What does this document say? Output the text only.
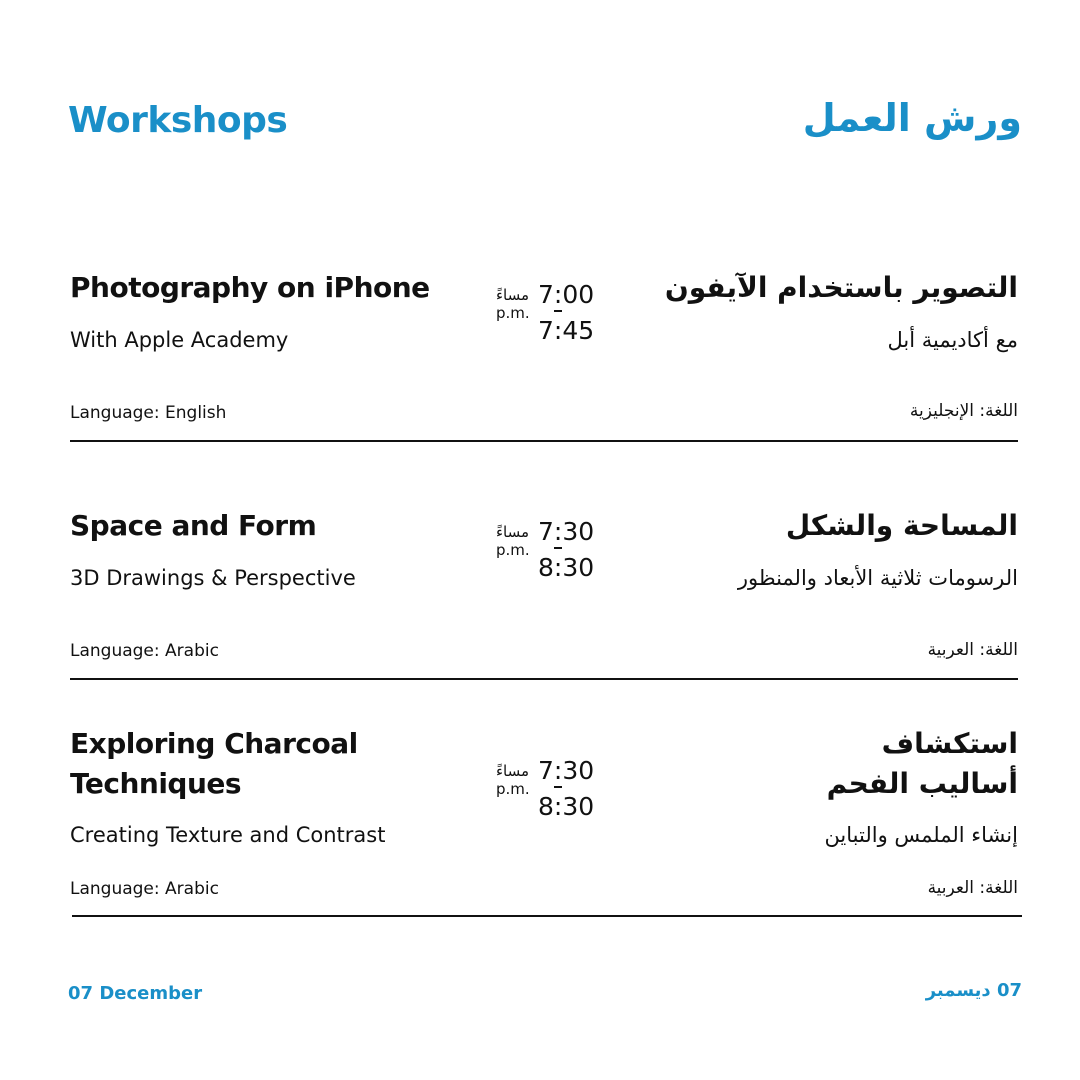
Workshops	ورش العمل
Photography on iPhone
With Apple Academy
Language: English
مساءً
p.m.
7:00
7:45
التصوير باستخدام الآيفون
مع أكاديمية أبل
اللغة: الإنجليزية
Space and Form
3D Drawings & Perspective
Language: Arabic
مساءً
p.m.
7:30
8:30
المساحة والشكل
الرسومات ثلاثية الأبعاد والمنظور
اللغة: العربية
Exploring Charcoal Techniques
Creating Texture and Contrast
Language: Arabic
مساءً
p.m.
7:30
8:30
استكشاف أساليب الفحم
إنشاء الملمس والتباين
اللغة: العربية
07 December	07 ديسمبر
